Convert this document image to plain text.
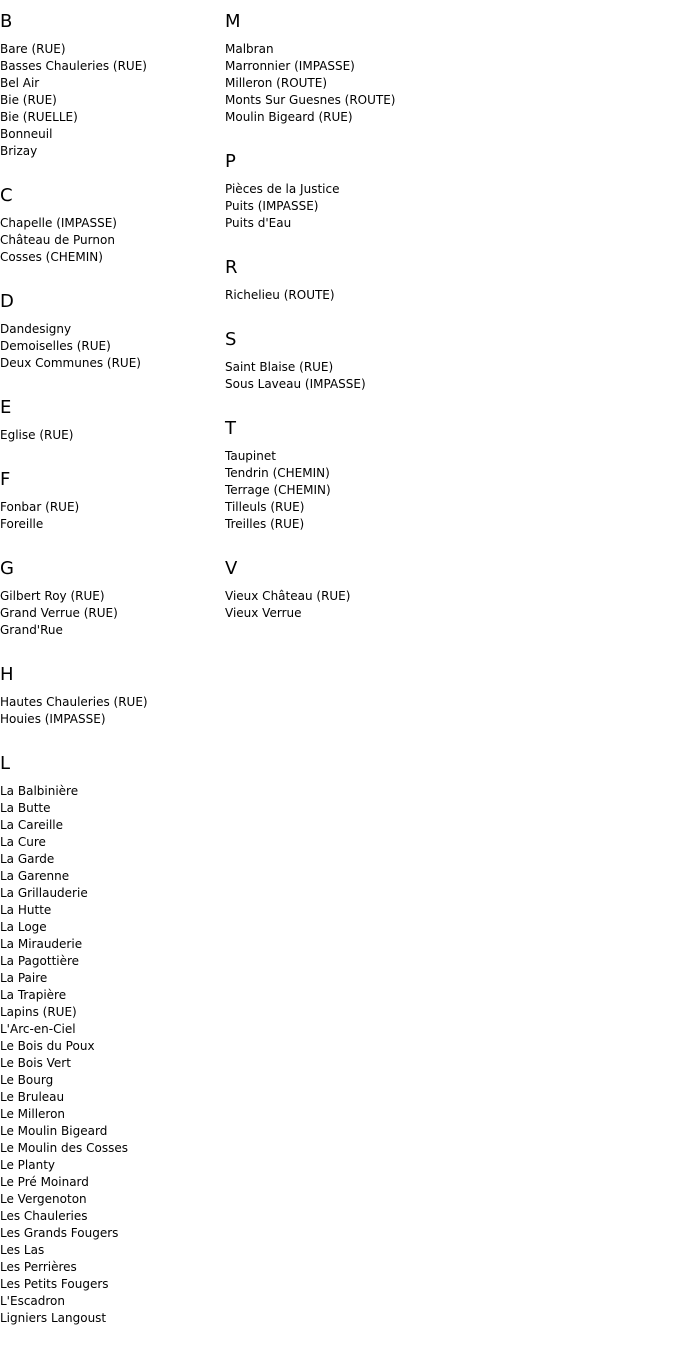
B
Bare (RUE)
Basses Chauleries (RUE)
Bel Air
Bie (RUE)
Bie (RUELLE)
Bonneuil
Brizay
C
Chapelle (IMPASSE)
Château de Purnon
Cosses (CHEMIN)
D
Dandesigny
Demoiselles (RUE)
Deux Communes (RUE)
E
Eglise (RUE)
F
Fonbar (RUE)
Foreille
G
Gilbert Roy (RUE)
Grand Verrue (RUE)
Grand'Rue
H
Hautes Chauleries (RUE)
Houies (IMPASSE)
L
La Balbinière
La Butte
La Careille
La Cure
La Garde
La Garenne
La Grillauderie
La Hutte
La Loge
La Mirauderie
La Pagottière
La Paire
La Trapière
Lapins (RUE)
L'Arc-en-Ciel
Le Bois du Poux
Le Bois Vert
Le Bourg
Le Bruleau
Le Milleron
Le Moulin Bigeard
Le Moulin des Cosses
Le Planty
Le Pré Moinard
Le Vergenoton
Les Chauleries
Les Grands Fougers
Les Las
Les Perrières
Les Petits Fougers
L'Escadron
Ligniers Langoust
M
Malbran
Marronnier (IMPASSE)
Milleron (ROUTE)
Monts Sur Guesnes (ROUTE)
Moulin Bigeard (RUE)
P
Pièces de la Justice
Puits (IMPASSE)
Puits d'Eau
R
Richelieu (ROUTE)
S
Saint Blaise (RUE)
Sous Laveau (IMPASSE)
T
Taupinet
Tendrin (CHEMIN)
Terrage (CHEMIN)
Tilleuls (RUE)
Treilles (RUE)
V
Vieux Château (RUE)
Vieux Verrue
